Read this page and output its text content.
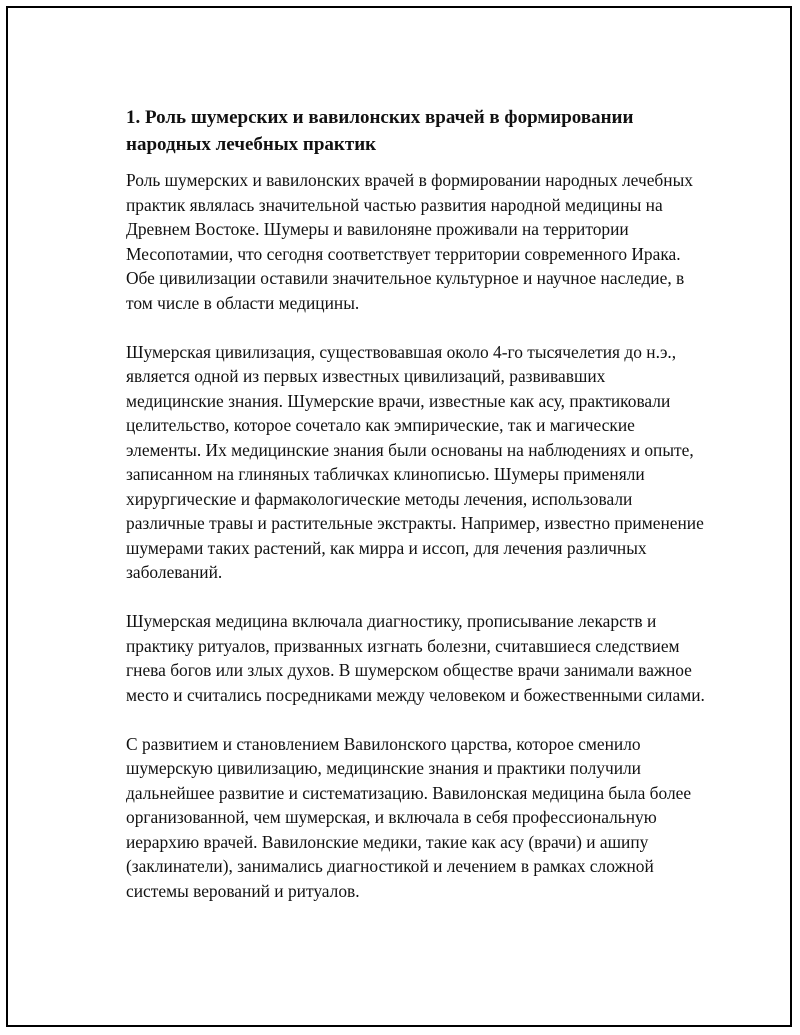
1. Роль шумерских и вавилонских врачей в формировании народных лечебных практик

Роль шумерских и вавилонских врачей в формировании народных лечебных практик являлась значительной частью развития народной медицины на Древнем Востоке. Шумеры и вавилоняне проживали на территории Месопотамии, что сегодня соответствует территории современного Ирака. Обе цивилизации оставили значительное культурное и научное наследие, в том числе в области медицины.

Шумерская цивилизация, существовавшая около 4-го тысячелетия до н.э., является одной из первых известных цивилизаций, развивавших медицинские знания. Шумерские врачи, известные как асу, практиковали целительство, которое сочетало как эмпирические, так и магические элементы. Их медицинские знания были основаны на наблюдениях и опыте, записанном на глиняных табличках клинописью. Шумеры применяли хирургические и фармакологические методы лечения, использовали различные травы и растительные экстракты. Например, известно применение шумерами таких растений, как мирра и иссоп, для лечения различных заболеваний.

Шумерская медицина включала диагностику, прописывание лекарств и практику ритуалов, призванных изгнать болезни, считавшиеся следствием гнева богов или злых духов. В шумерском обществе врачи занимали важное место и считались посредниками между человеком и божественными силами.

С развитием и становлением Вавилонского царства, которое сменило шумерскую цивилизацию, медицинские знания и практики получили дальнейшее развитие и систематизацию. Вавилонская медицина была более организованной, чем шумерская, и включала в себя профессиональную иерархию врачей. Вавилонские медики, такие как асу (врачи) и ашипу (заклинатели), занимались диагностикой и лечением в рамках сложной системы верований и ритуалов.
